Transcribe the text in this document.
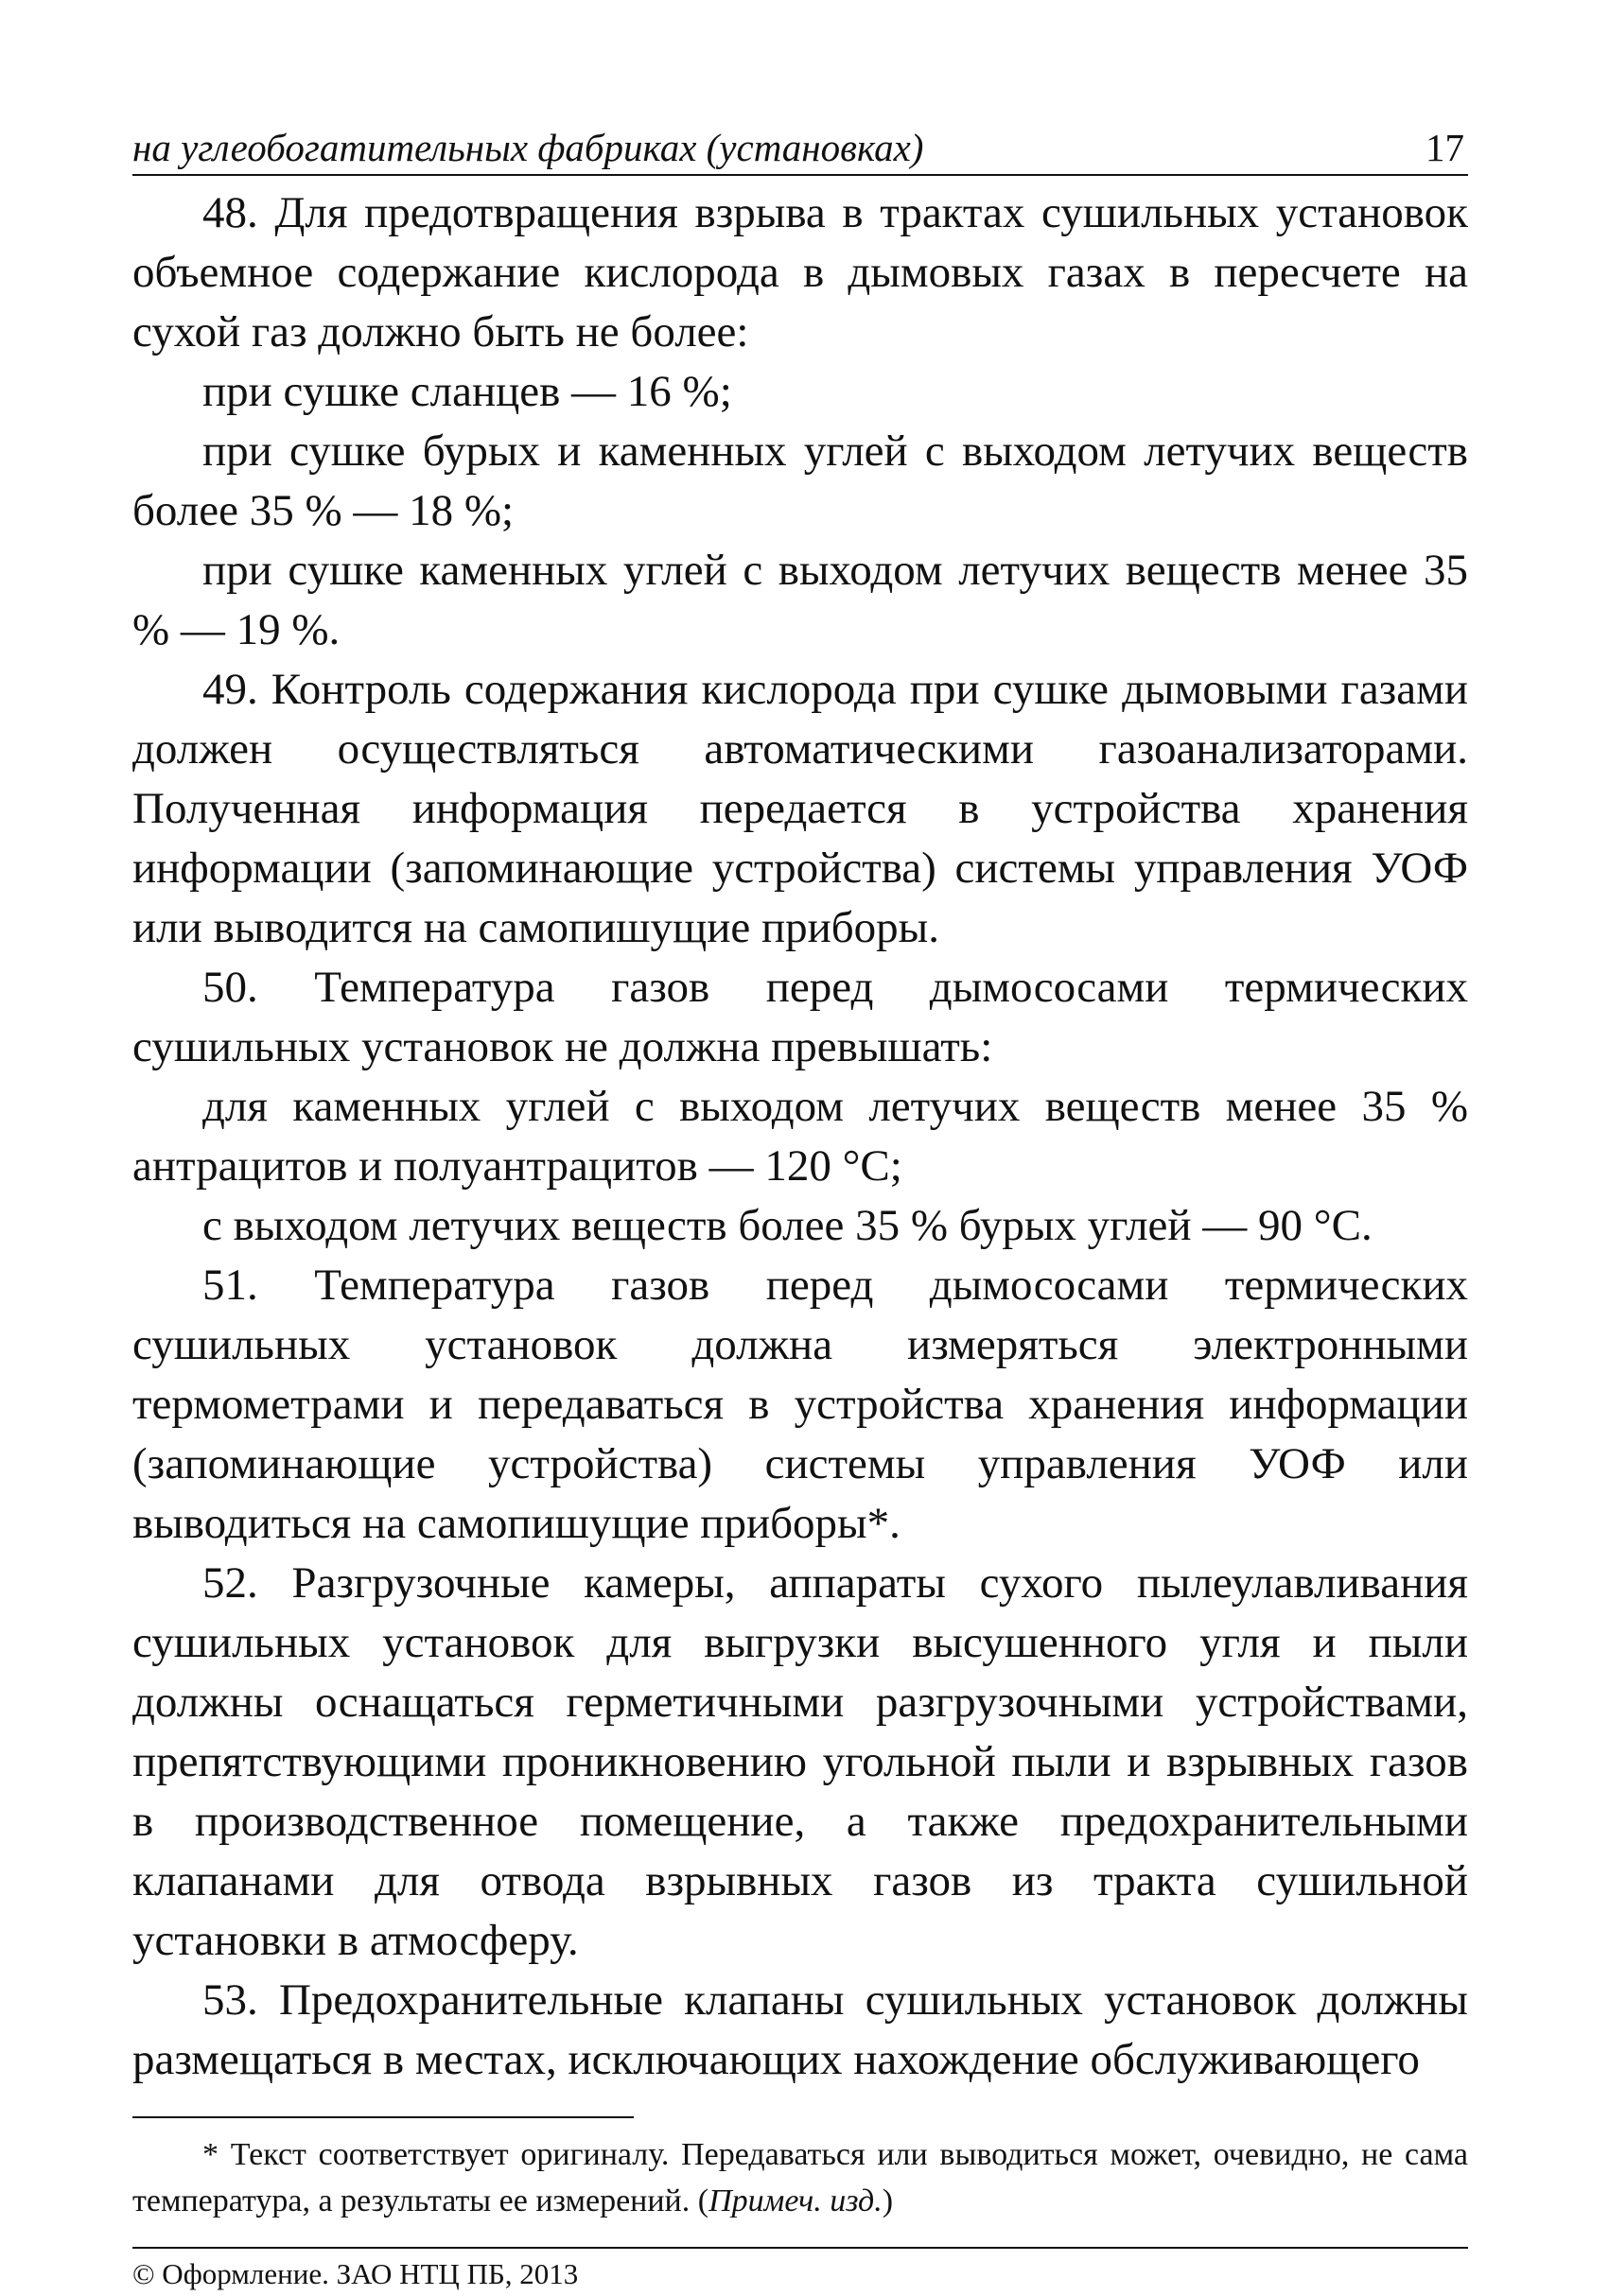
на углеобогатительных фабриках (установках)	17

48. Для предотвращения взрыва в трактах сушильных установок объемное содержание кислорода в дымовых газах в пересчете на сухой газ должно быть не более:

при сушке сланцев — 16 %;

при сушке бурых и каменных углей с выходом летучих веществ более 35 % — 18 %;

при сушке каменных углей с выходом летучих веществ менее 35 % — 19 %.

49. Контроль содержания кислорода при сушке дымовыми газами должен осуществляться автоматическими газоанализаторами. Полученная информация передается в устройства хранения информации (запоминающие устройства) системы управления УОФ или выводится на самопишущие приборы.

50. Температура газов перед дымососами термических сушильных установок не должна превышать:

для каменных углей с выходом летучих веществ менее 35 % антрацитов и полуантрацитов — 120 °С;

с выходом летучих веществ более 35 % бурых углей — 90 °С.

51. Температура газов перед дымососами термических сушильных установок должна измеряться электронными термометрами и передаваться в устройства хранения информации (запоминающие устройства) системы управления УОФ или выводиться на самопишущие приборы*.

52. Разгрузочные камеры, аппараты сухого пылеулавливания сушильных установок для выгрузки высушенного угля и пыли должны оснащаться герметичными разгрузочными устройствами, препятствующими проникновению угольной пыли и взрывных газов в производственное помещение, а также предохранительными клапанами для отвода взрывных газов из тракта сушильной установки в атмосферу.

53. Предохранительные клапаны сушильных установок должны размещаться в местах, исключающих нахождение обслуживающего

* Текст соответствует оригиналу. Передаваться или выводиться может, очевидно, не сама температура, а результаты ее измерений. (Примеч. изд.)

© Оформление. ЗАО НТЦ ПБ, 2013
